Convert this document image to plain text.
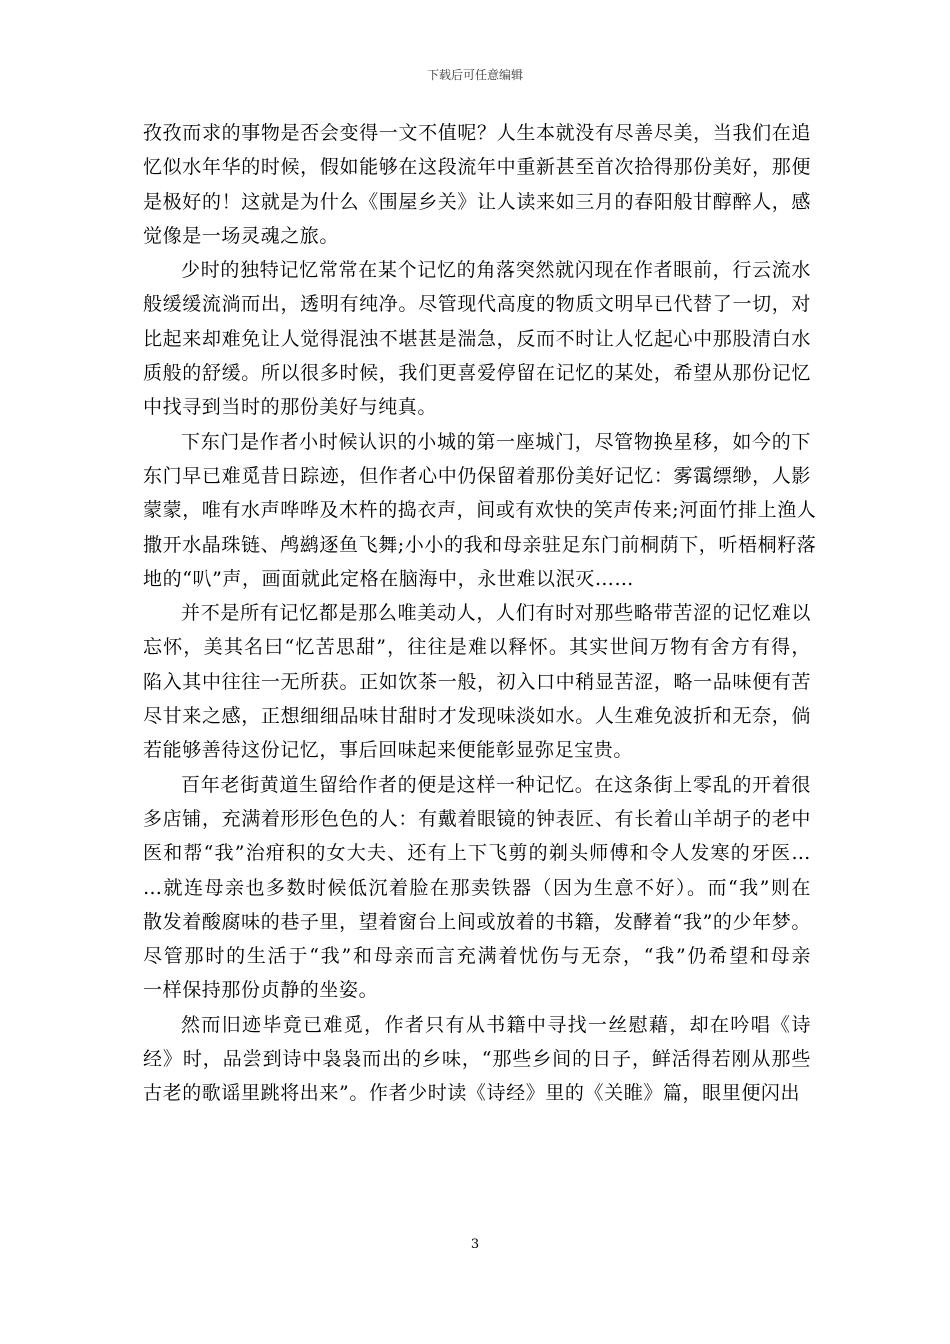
下载后可任意编辑

孜孜而求的事物是否会变得一文不值呢？人生本就没有尽善尽美，当我们在追
忆似水年华的时候，假如能够在这段流年中重新甚至首次拾得那份美好，那便
是极好的！这就是为什么《围屋乡关》让人读来如三月的春阳般甘醇醉人，感
觉像是一场灵魂之旅。

少时的独特记忆常常在某个记忆的角落突然就闪现在作者眼前，行云流水
般缓缓流淌而出，透明有纯净。尽管现代高度的物质文明早已代替了一切，对
比起来却难免让人觉得混浊不堪甚是湍急，反而不时让人忆起心中那股清白水
质般的舒缓。所以很多时候，我们更喜爱停留在记忆的某处，希望从那份记忆
中找寻到当时的那份美好与纯真。

下东门是作者小时候认识的小城的第一座城门，尽管物换星移，如今的下
东门早已难觅昔日踪迹，但作者心中仍保留着那份美好记忆：雾霭缥缈，人影
蒙蒙，唯有水声哗哗及木杵的捣衣声，间或有欢快的笑声传来;河面竹排上渔人
撒开水晶珠链、鸬鹚逐鱼飞舞;小小的我和母亲驻足东门前桐荫下，听梧桐籽落
地的“叭”声，画面就此定格在脑海中，永世难以泯灭……

并不是所有记忆都是那么唯美动人，人们有时对那些略带苦涩的记忆难以
忘怀，美其名曰“忆苦思甜”，往往是难以释怀。其实世间万物有舍方有得，
陷入其中往往一无所获。正如饮茶一般，初入口中稍显苦涩，略一品味便有苦
尽甘来之感，正想细细品味甘甜时才发现味淡如水。人生难免波折和无奈，倘
若能够善待这份记忆，事后回味起来便能彰显弥足宝贵。

百年老街黄道生留给作者的便是这样一种记忆。在这条街上零乱的开着很
多店铺，充满着形形色色的人：有戴着眼镜的钟表匠、有长着山羊胡子的老中
医和帮“我”治疳积的女大夫、还有上下飞剪的剃头师傅和令人发寒的牙医…
…就连母亲也多数时候低沉着脸在那卖铁器（因为生意不好）。而“我”则在
散发着酸腐味的巷子里，望着窗台上间或放着的书籍，发酵着“我”的少年梦。
尽管那时的生活于“我”和母亲而言充满着忧伤与无奈，“我”仍希望和母亲
一样保持那份贞静的坐姿。

然而旧迹毕竟已难觅，作者只有从书籍中寻找一丝慰藉，却在吟唱《诗
经》时，品尝到诗中袅袅而出的乡味，“那些乡间的日子，鲜活得若刚从那些
古老的歌谣里跳将出来”。作者少时读《诗经》里的《关睢》篇，眼里便闪出

3
